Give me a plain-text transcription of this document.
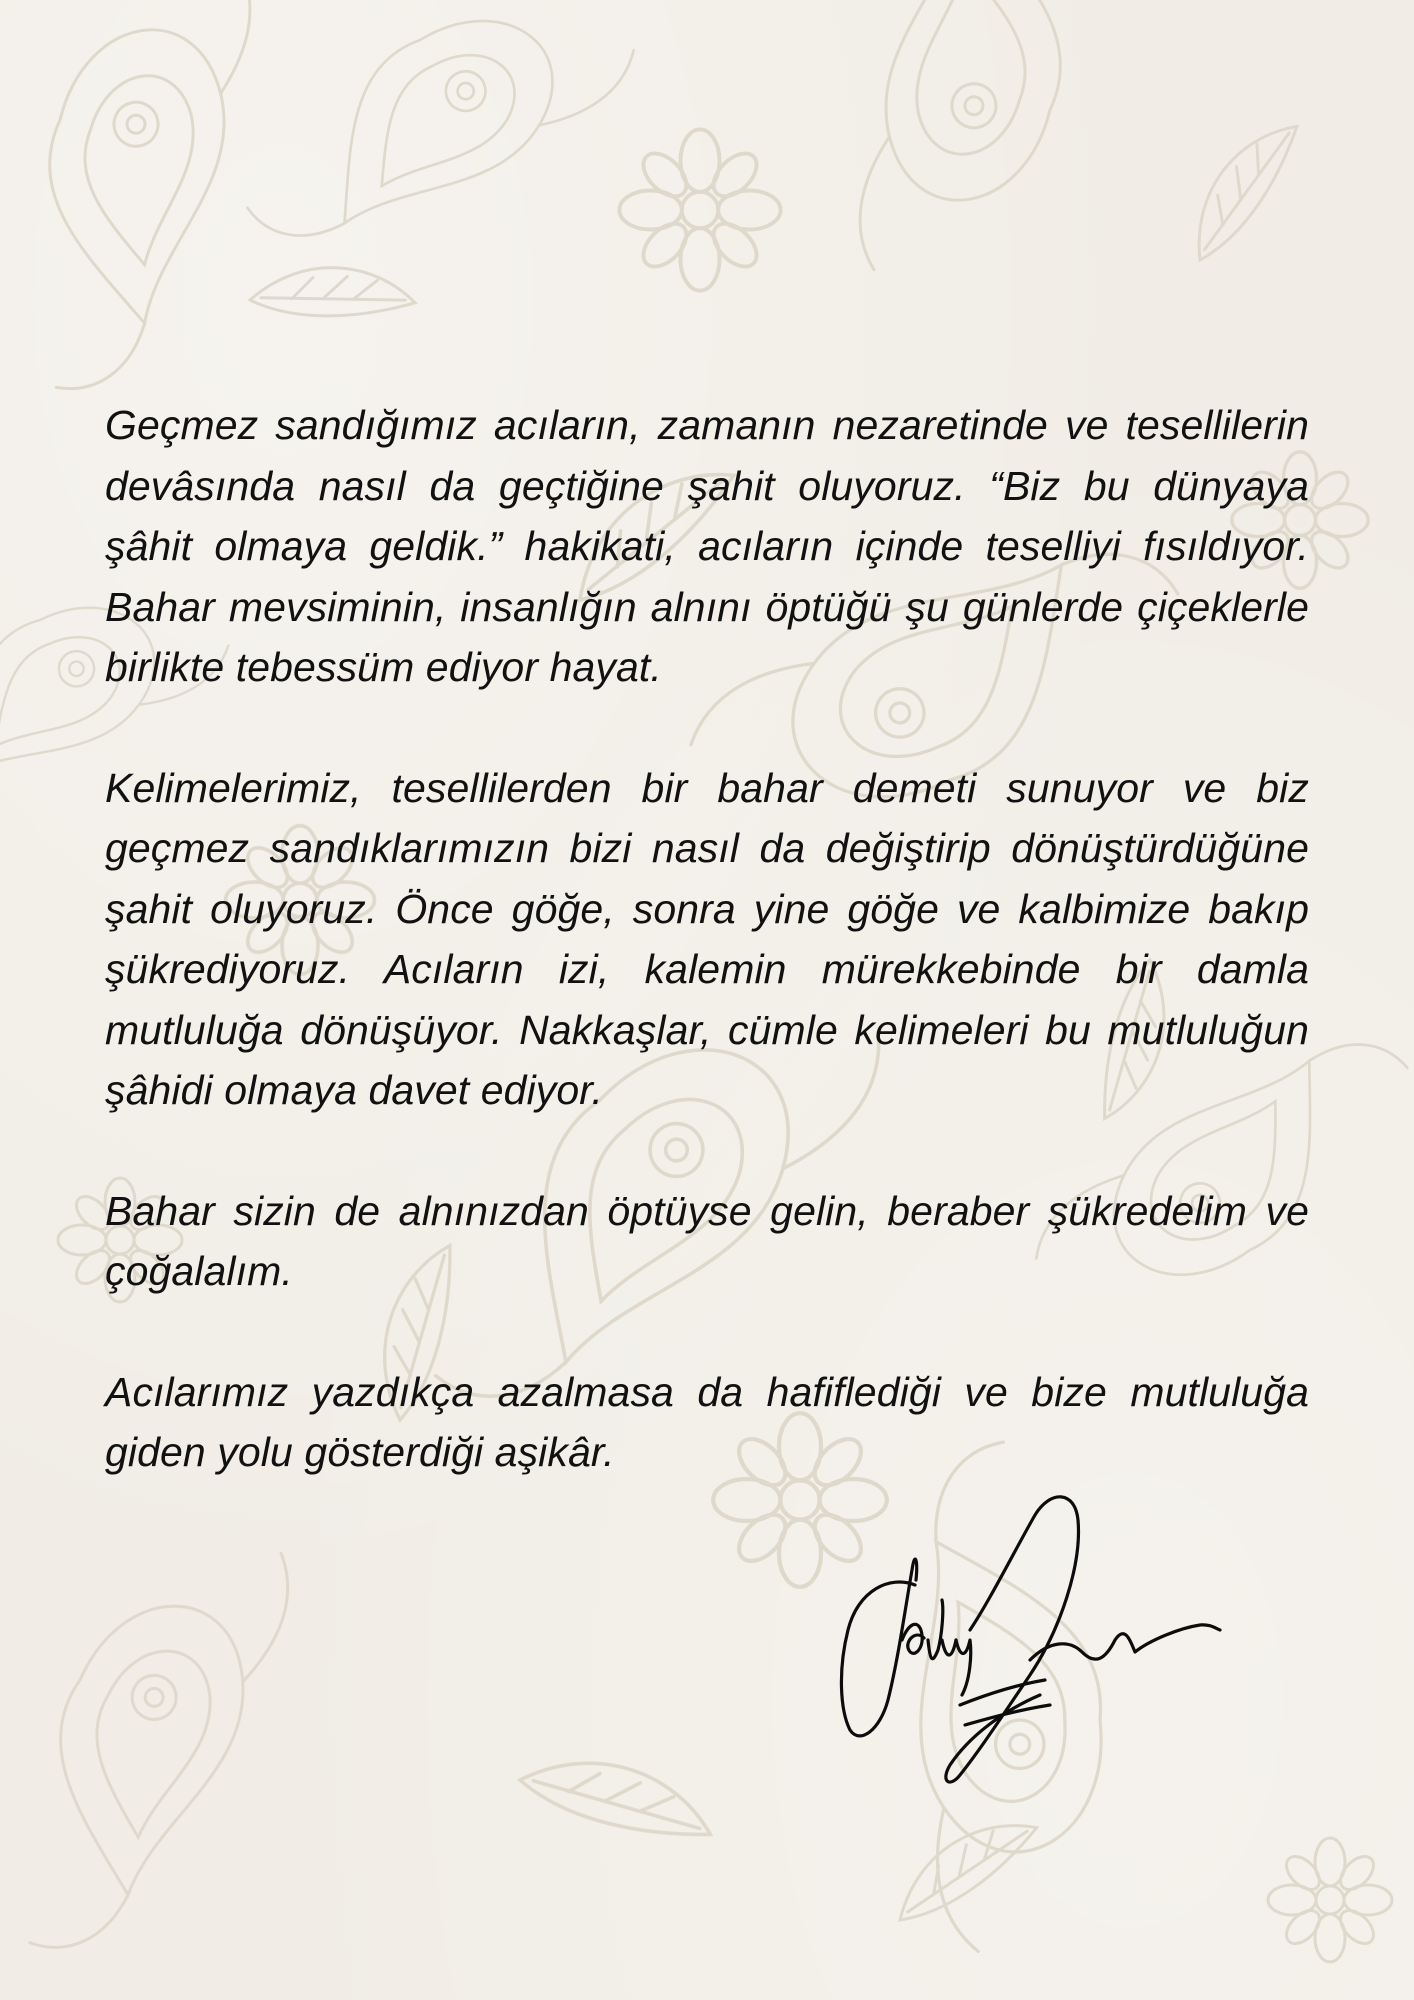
Geçmez sandığımız acıların, zamanın nezaretinde ve tesellilerin devâsında nasıl da geçtiğine şahit oluyoruz. “Biz bu dünyaya şâhit olmaya geldik.” hakikati, acıların içinde teselliyi fısıldıyor. Bahar mevsiminin, insanlığın alnını öptüğü şu günlerde çiçeklerle birlikte tebessüm ediyor hayat.

Kelimelerimiz, tesellilerden bir bahar demeti sunuyor ve biz geçmez sandıklarımızın bizi nasıl da değiştirip dönüştürdüğüne şahit oluyoruz. Önce göğe, sonra yine göğe ve kalbimize bakıp şükrediyoruz. Acıların izi, kalemin mürekkebinde bir damla mutluluğa dönüşüyor. Nakkaşlar, cümle kelimeleri bu mutluluğun şâhidi olmaya davet ediyor.

Bahar sizin de alnınızdan öptüyse gelin, beraber şükredelim ve çoğalalım.

Acılarımız yazdıkça azalmasa da hafiflediği ve bize mutluluğa giden yolu gösterdiği aşikâr.
